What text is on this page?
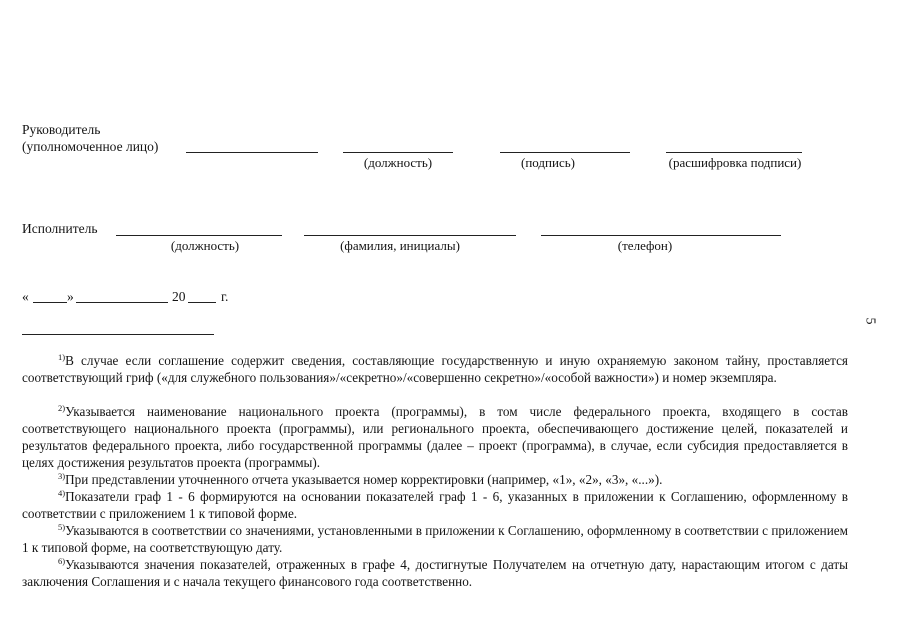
Руководитель
(уполномоченное лицо)
(должность)	(подпись)	(расшифровка подписи)
Исполнитель
(должность)	(фамилия, инициалы)	(телефон)
«	»	20	г.
5
$^{1)}$В случае если соглашение содержит сведения, составляющие государственную и иную охраняемую законом тайну, проставляется соответствующий гриф («для служебного пользования»/«секретно»/«совершенно секретно»/«особой важности») и номер экземпляра.
$^{2)}$Указывается наименование национального проекта (программы), в том числе федерального проекта, входящего в состав соответствующего национального проекта (программы), или регионального проекта, обеспечивающего достижение целей, показателей и результатов федерального проекта, либо государственной программы (далее – проект (программа), в случае, если субсидия предоставляется в целях достижения результатов проекта (программы).
$^{3)}$При представлении уточненного отчета указывается номер корректировки (например, «1», «2», «3», «...»).
$^{4)}$Показатели граф 1 - 6 формируются на основании показателей граф 1 - 6, указанных в приложении к Соглашению, оформленному в соответствии с приложением 1 к типовой форме.
$^{5)}$Указываются в соответствии со значениями, установленными в приложении к Соглашению, оформленному в соответствии с приложением 1 к типовой форме, на соответствующую дату.
$^{6)}$Указываются значения показателей, отраженных в графе 4, достигнутые Получателем на отчетную дату, нарастающим итогом с даты заключения Соглашения и с начала текущего финансового года соответственно.
